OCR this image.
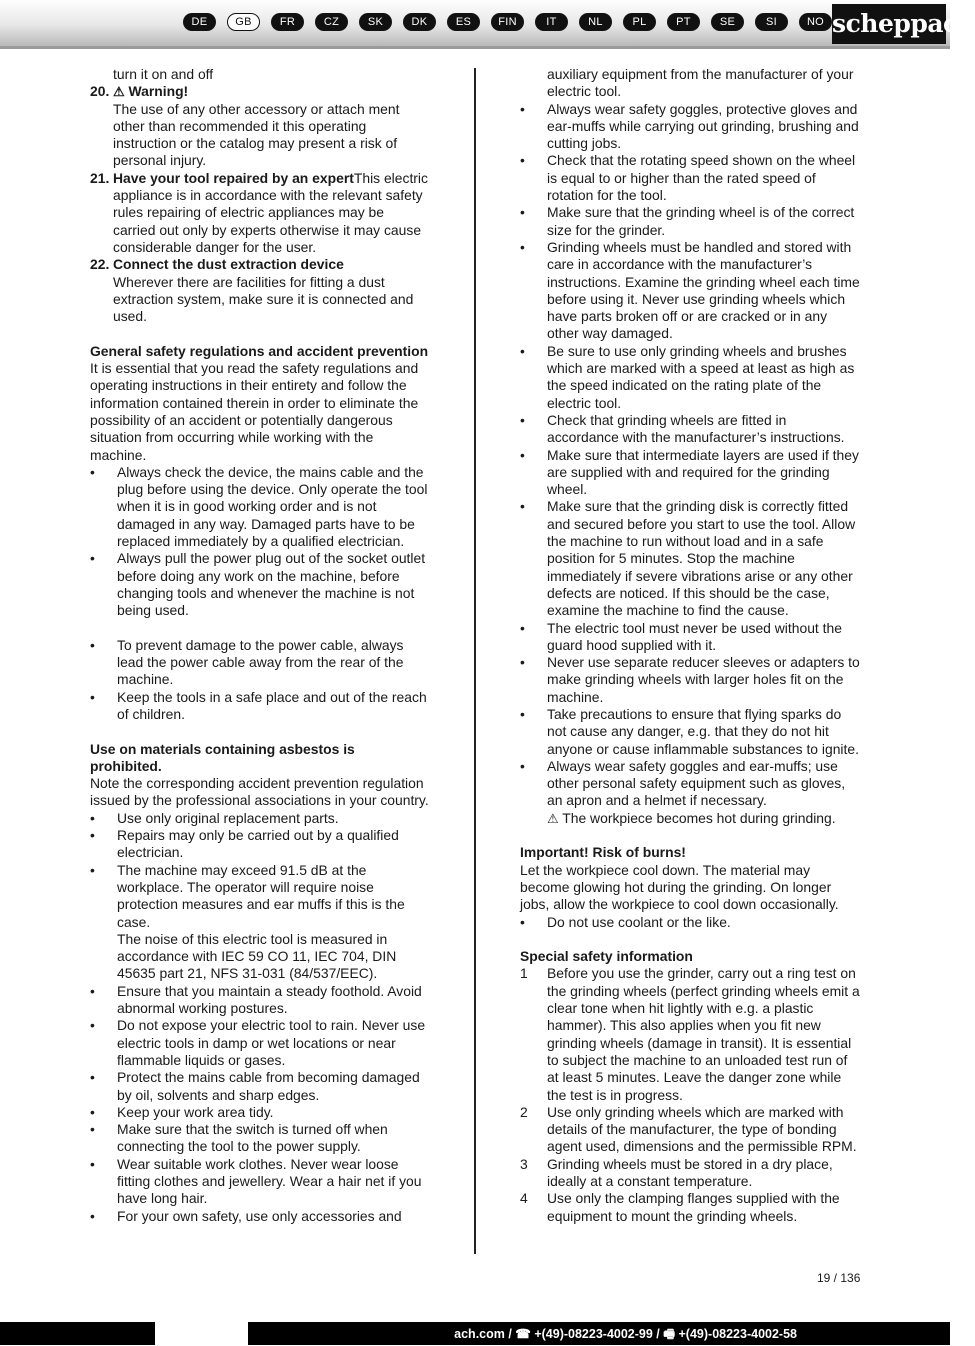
DE	GB	FR	CZ	SK	DK	ES	FIN	IT	NL	PL	PT	SE	SI	NO scheppach

turn it on and off

20. ⚠ Warning!
The use of any other accessory or attach ment other than recommended it this operating instruction or the catalog may present a risk of personal injury.
21. Have your tool repaired by an expertThis electric appliance is in accordance with the relevant safety rules repairing of electric appliances may be carried out only by experts otherwise it may cause considerable danger for the user.
22. Connect the dust extraction device
Wherever there are facilities for fitting a dust extraction system, make sure it is connected and used.

General safety regulations and accident prevention

It is essential that you read the safety regulations and operating instructions in their entirety and follow the information contained therein in order to eliminate the possibility of an accident or potentially dangerous situation from occurring while working with the machine.

• Always check the device, the mains cable and the plug before using the device. Only operate the tool when it is in good working order and is not damaged in any way. Damaged parts have to be replaced immediately by a qualified electrician.
• Always pull the power plug out of the socket outlet before doing any work on the machine, before changing tools and whenever the machine is not being used.
• To prevent damage to the power cable, always lead the power cable away from the rear of the machine.
• Keep the tools in a safe place and out of the reach of children.

Use on materials containing asbestos is prohibited.

Note the corresponding accident prevention regulation issued by the professional associations in your country.

• Use only original replacement parts.
• Repairs may only be carried out by a qualified electrician.
• The machine may exceed 91.5 dB at the workplace. The operator will require noise protection measures and ear muffs if this is the case.
The noise of this electric tool is measured in accordance with IEC 59 CO 11, IEC 704, DIN 45635 part 21, NFS 31-031 (84/537/EEC).
• Ensure that you maintain a steady foothold. Avoid abnormal working postures.
• Do not expose your electric tool to rain. Never use electric tools in damp or wet locations or near flammable liquids or gases.
• Protect the mains cable from becoming damaged by oil, solvents and sharp edges.
• Keep your work area tidy.
• Make sure that the switch is turned off when connecting the tool to the power supply.
• Wear suitable work clothes. Never wear loose fitting clothes and jewellery. Wear a hair net if you have long hair.
• For your own safety, use only accessories and

auxiliary equipment from the manufacturer of your electric tool.

• Always wear safety goggles, protective gloves and ear-muffs while carrying out grinding, brushing and cutting jobs.
• Check that the rotating speed shown on the wheel is equal to or higher than the rated speed of rotation for the tool.
• Make sure that the grinding wheel is of the correct size for the grinder.
• Grinding wheels must be handled and stored with care in accordance with the manufacturer’s instructions. Examine the grinding wheel each time before using it. Never use grinding wheels which have parts broken off or are cracked or in any other way damaged.
• Be sure to use only grinding wheels and brushes which are marked with a speed at least as high as the speed indicated on the rating plate of the electric tool.
• Check that grinding wheels are fitted in accordance with the manufacturer’s instructions.
• Make sure that intermediate layers are used if they are supplied with and required for the grinding wheel.
• Make sure that the grinding disk is correctly fitted and secured before you start to use the tool. Allow the machine to run without load and in a safe position for 5 minutes. Stop the machine immediately if severe vibrations arise or any other defects are noticed. If this should be the case, examine the machine to find the cause.
• The electric tool must never be used without the guard hood supplied with it.
• Never use separate reducer sleeves or adapters to make grinding wheels with larger holes fit on the machine.
• Take precautions to ensure that flying sparks do not cause any danger, e.g. that they do not hit anyone or cause inflammable substances to ignite.
• Always wear safety goggles and ear-muffs; use other personal safety equipment such as gloves, an apron and a helmet if necessary.
⚠ The workpiece becomes hot during grinding.

Important! Risk of burns!

Let the workpiece cool down. The material may become glowing hot during the grinding. On longer jobs, allow the workpiece to cool down occasionally.

• Do not use coolant or the like.

Special safety information

1 Before you use the grinder, carry out a ring test on the grinding wheels (perfect grinding wheels emit a clear tone when hit lightly with e.g. a plastic hammer). This also applies when you fit new grinding wheels (damage in transit). It is essential to subject the machine to an unloaded test run of at least 5 minutes. Leave the danger zone while the test is in progress.
2 Use only grinding wheels which are marked with details of the manufacturer, the type of bonding agent used, dimensions and the permissible RPM.
3 Grinding wheels must be stored in a dry place, ideally at a constant temperature.
4 Use only the clamping flanges supplied with the equipment to mount the grinding wheels.
19 / 136
ach.com / ☎ +(49)-08223-4002-99 / 🖷 +(49)-08223-4002-58
